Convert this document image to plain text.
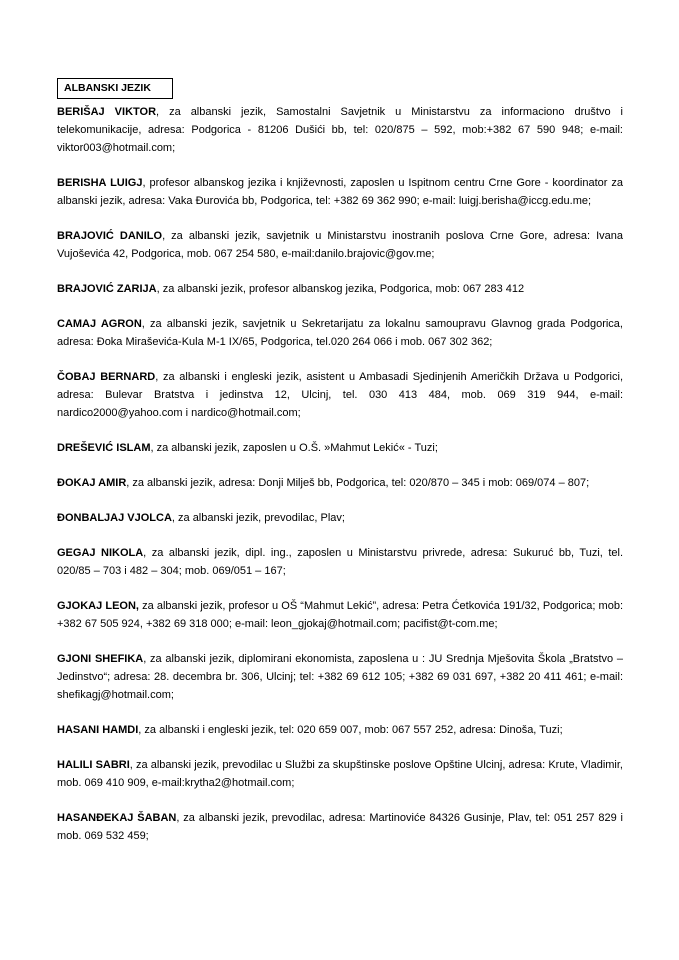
ALBANSKI JEZIK

BERIŠAJ VIKTOR, za albanski jezik, Samostalni Savjetnik u Ministarstvu za informaciono društvo i telekomunikacije, adresa: Podgorica - 81206 Dušići bb, tel: 020/875 – 592, mob:+382 67 590 948; e-mail: viktor003@hotmail.com;

BERISHA LUIGJ, profesor albanskog jezika i književnosti, zaposlen u Ispitnom centru Crne Gore - koordinator za albanski jezik, adresa: Vaka Đurovića bb, Podgorica, tel: +382 69 362 990; e-mail: luigj.berisha@iccg.edu.me;

BRAJOVIĆ DANILO, za albanski jezik, savjetnik u Ministarstvu inostranih poslova Crne Gore, adresa: Ivana Vujoševića 42, Podgorica, mob. 067 254 580, e-mail:danilo.brajovic@gov.me;

BRAJOVIĆ ZARIJA, za albanski jezik, profesor albanskog jezika, Podgorica, mob: 067 283 412

CAMAJ AGRON, za albanski jezik, savjetnik u Sekretarijatu za lokalnu samoupravu Glavnog grada Podgorica, adresa: Đoka Miraševića-Kula M-1 IX/65, Podgorica, tel.020 264 066 i mob. 067 302 362;

ČOBAJ BERNARD, za albanski i engleski jezik, asistent u Ambasadi Sjedinjenih Američkih Država u Podgorici, adresa: Bulevar Bratstva i jedinstva 12, Ulcinj, tel. 030 413 484, mob. 069 319 944, e-mail: nardico2000@yahoo.com i nardico@hotmail.com;

DREŠEVIĆ ISLAM, za albanski jezik, zaposlen u O.Š. »Mahmut Lekić« - Tuzi;

ĐOKAJ AMIR, za albanski jezik, adresa: Donji Milješ bb, Podgorica, tel: 020/870 – 345 i mob: 069/074 – 807;

ĐONBALJAJ VJOLCA, za albanski jezik, prevodilac, Plav;

GEGAJ NIKOLA, za albanski jezik, dipl. ing., zaposlen u Ministarstvu privrede, adresa: Sukuruć bb, Tuzi, tel. 020/85 – 703 i 482 – 304; mob. 069/051 – 167;

GJOKAJ LEON, za albanski jezik, profesor u OŠ “Mahmut Lekić”, adresa: Petra Ćetkovića 191/32, Podgorica; mob: +382 67 505 924, +382 69 318 000; e-mail: leon_gjokaj@hotmail.com; pacifist@t-com.me;

GJONI SHEFIKA, za albanski jezik, diplomirani ekonomista, zaposlena u : JU Srednja Mješovita Škola „Bratstvo – Jedinstvo“; adresa: 28. decembra br. 306, Ulcinj; tel: +382 69 612 105; +382 69 031 697, +382 20 411 461; e-mail: shefikagj@hotmail.com;

HASANI HAMDI, za albanski i engleski jezik, tel: 020 659 007, mob: 067 557 252, adresa: Dinoša, Tuzi;

HALILI SABRI, za albanski jezik, prevodilac u Službi za skupštinske poslove Opštine Ulcinj, adresa: Krute, Vladimir, mob. 069 410 909, e-mail:krytha2@hotmail.com;

HASANĐEKAJ ŠABAN, za albanski jezik, prevodilac, adresa: Martinoviće 84326 Gusinje, Plav, tel: 051 257 829 i mob. 069 532 459;
